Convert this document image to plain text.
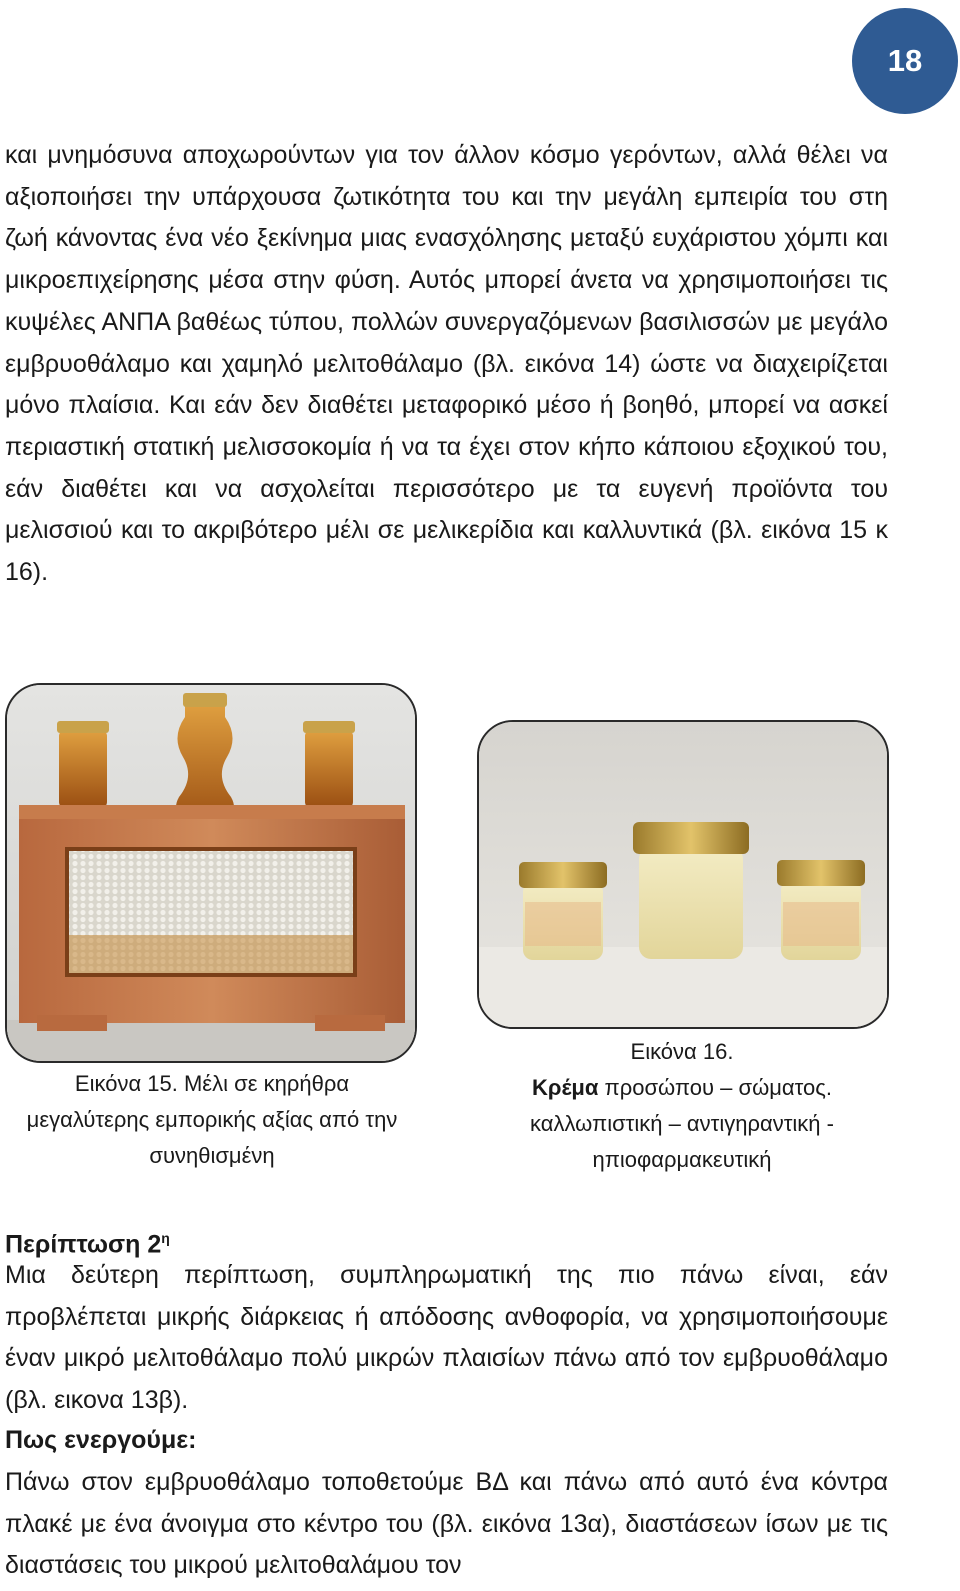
18

και μνημόσυνα αποχωρούντων για τον άλλον κόσμο γερόντων, αλλά θέλει να αξιοποιήσει την υπάρχουσα ζωτικότητα του και την μεγάλη εμπειρία του στη ζωή κάνοντας ένα νέο ξεκίνημα μιας ενασχόλησης μεταξύ ευχάριστου χόμπι και μικροεπιχείρησης μέσα στην φύση. Αυτός μπορεί άνετα να χρησιμοποιήσει τις κυψέλες ΑΝΠΑ βαθέως τύπου, πολλών συνεργαζόμενων βασιλισσών με μεγάλο εμβρυοθάλαμο και χαμηλό μελιτοθάλαμο (βλ. εικόνα 14) ώστε να διαχειρίζεται μόνο πλαίσια. Και εάν δεν διαθέτει μεταφορικό μέσο ή βοηθό, μπορεί να ασκεί περιαστική στατική μελισσοκομία ή να τα έχει στον κήπο κάποιου εξοχικού του, εάν διαθέτει και να ασχολείται περισσότερο με τα ευγενή προϊόντα του μελισσιού και το ακριβότερο μέλι σε μελικερίδια και καλλυντικά (βλ. εικόνα 15 κ 16).

Εικόνα 15. Μέλι σε κηρήθρα
μεγαλύτερης εμπορικής αξίας από την
συνηθισμένη
Εικόνα 16.
Κρέμα προσώπου – σώματος.
καλλωπιστική – αντιγηραντική -
ηπιοφαρμακευτική

Περίπτωση $2^\eta$

Μια δεύτερη περίπτωση, συμπληρωματική της πιο πάνω είναι, εάν προβλέπεται μικρής διάρκειας ή απόδοσης ανθοφορία, να χρησιμοποιήσουμε έναν μικρό μελιτοθάλαμο πολύ μικρών πλαισίων πάνω από τον εμβρυοθάλαμο (βλ. εικονα 13β).

Πως ενεργούμε:

Πάνω στον εμβρυοθάλαμο τοποθετούμε ΒΔ και πάνω από αυτό ένα κόντρα πλακέ με ένα άνοιγμα στο κέντρο του (βλ. εικόνα 13α), διαστάσεων ίσων με τις διαστάσεις του μικρού μελιτοθαλάμου τον
